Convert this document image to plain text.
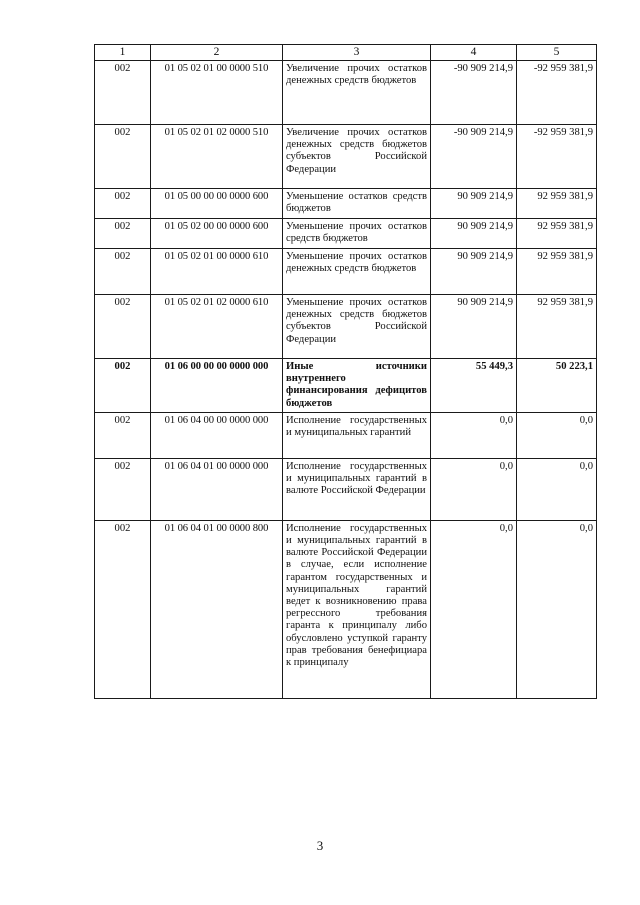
1	2	3	4	5
002	01 05 02 01 00 0000 510	Увеличение прочих остатков денежных средств бюджетов	-90 909 214,9	-92 959 381,9
002	01 05 02 01 02 0000 510	Увеличение прочих остатков денежных средств бюджетов субъектов Российской Федерации	-90 909 214,9	-92 959 381,9
002	01 05 00 00 00 0000 600	Уменьшение остатков средств бюджетов	90 909 214,9	92 959 381,9
002	01 05 02 00 00 0000 600	Уменьшение прочих остатков средств бюджетов	90 909 214,9	92 959 381,9
002	01 05 02 01 00 0000 610	Уменьшение прочих остатков денежных средств бюджетов	90 909 214,9	92 959 381,9
002	01 05 02 01 02 0000 610	Уменьшение прочих остатков денежных средств бюджетов субъектов Российской Федерации	90 909 214,9	92 959 381,9
002	01 06 00 00 00 0000 000	Иные источники внутреннего финансирования дефицитов бюджетов	55 449,3	50 223,1
002	01 06 04 00 00 0000 000	Исполнение государственных и муниципальных гарантий	0,0	0,0
002	01 06 04 01 00 0000 000	Исполнение государственных и муниципальных гарантий в валюте Российской Федерации	0,0	0,0
002	01 06 04 01 00 0000 800	Исполнение государственных и муниципальных гарантий в валюте Российской Федерации в случае, если исполнение гарантом государственных и муниципальных гарантий ведет к возникновению права регрессного требования гаранта к принципалу либо обусловлено уступкой гаранту прав требования бенефициара к принципалу	0,0	0,0
3
